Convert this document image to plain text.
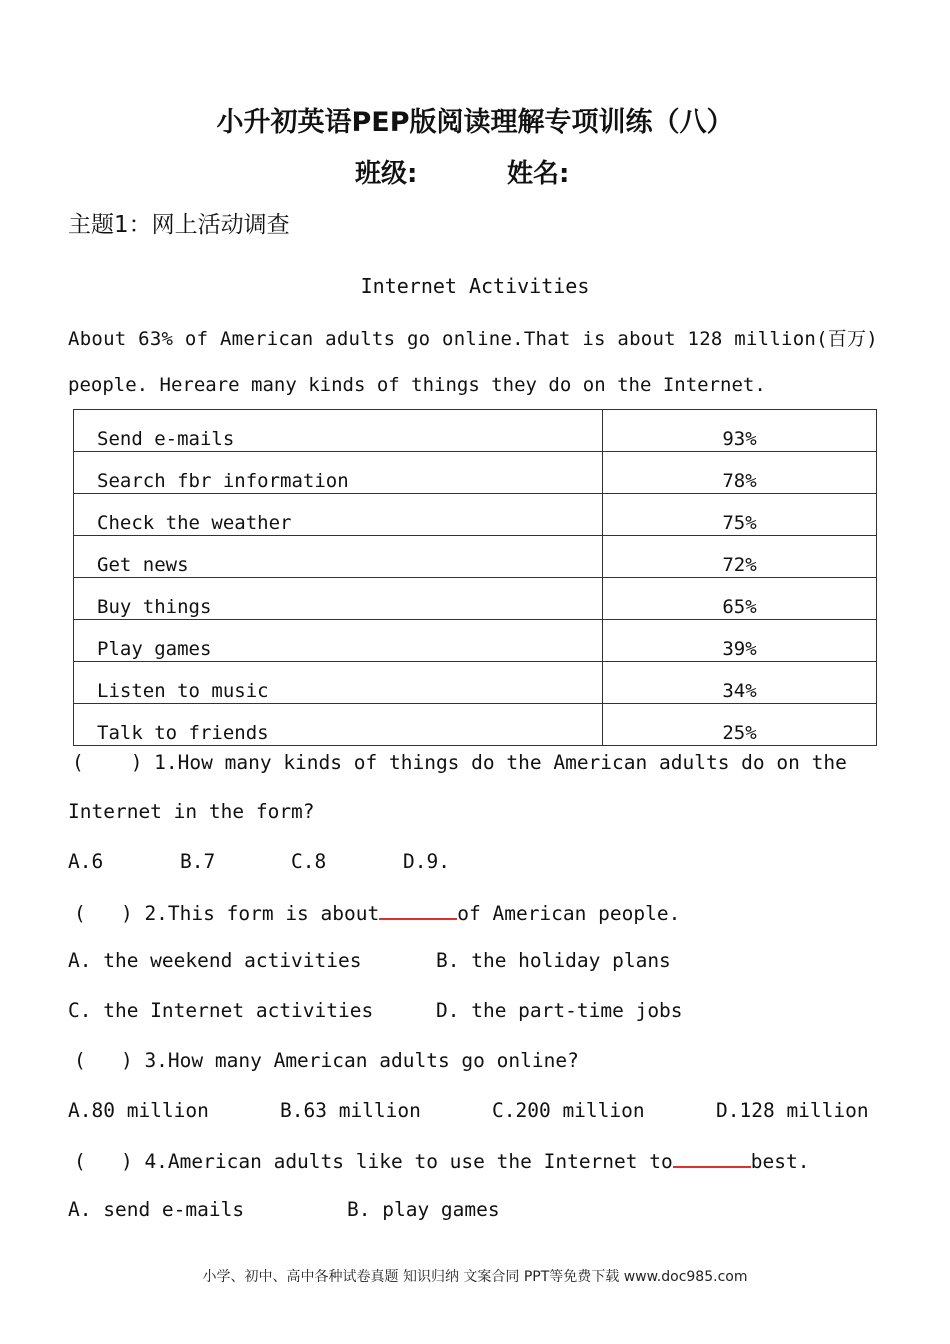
小升初英语PEP版阅读理解专项训练（八）
班级:	姓名:
主题1：网上活动调查
Internet Activities
About 63% of American adults go online.That is about 128 million(百万)
people. Hereare many kinds of things they do on the Internet.
Send e-mails	93%
Search fbr information	78%
Check the weather	75%
Get news	72%
Buy things	65%
Play games	39%
Listen to music	34%
Talk to friends	25%
(    ) 1.How many kinds of things do the American adults do on the
Internet in the form?
A.6	B.7	C.8	D.9.
(   ) 2.This form is about	of American people.
A. the weekend activities	B. the holiday plans
C. the Internet activities	D. the part-time jobs
(   ) 3.How many American adults go online?
A.80 million	B.63 million	C.200 million	D.128 million
(   ) 4.American adults like to use the Internet to	best.
A. send e-mails	B. play games
小学、初中、高中各种试卷真题 知识归纳 文案合同 PPT等免费下载 www.doc985.com
